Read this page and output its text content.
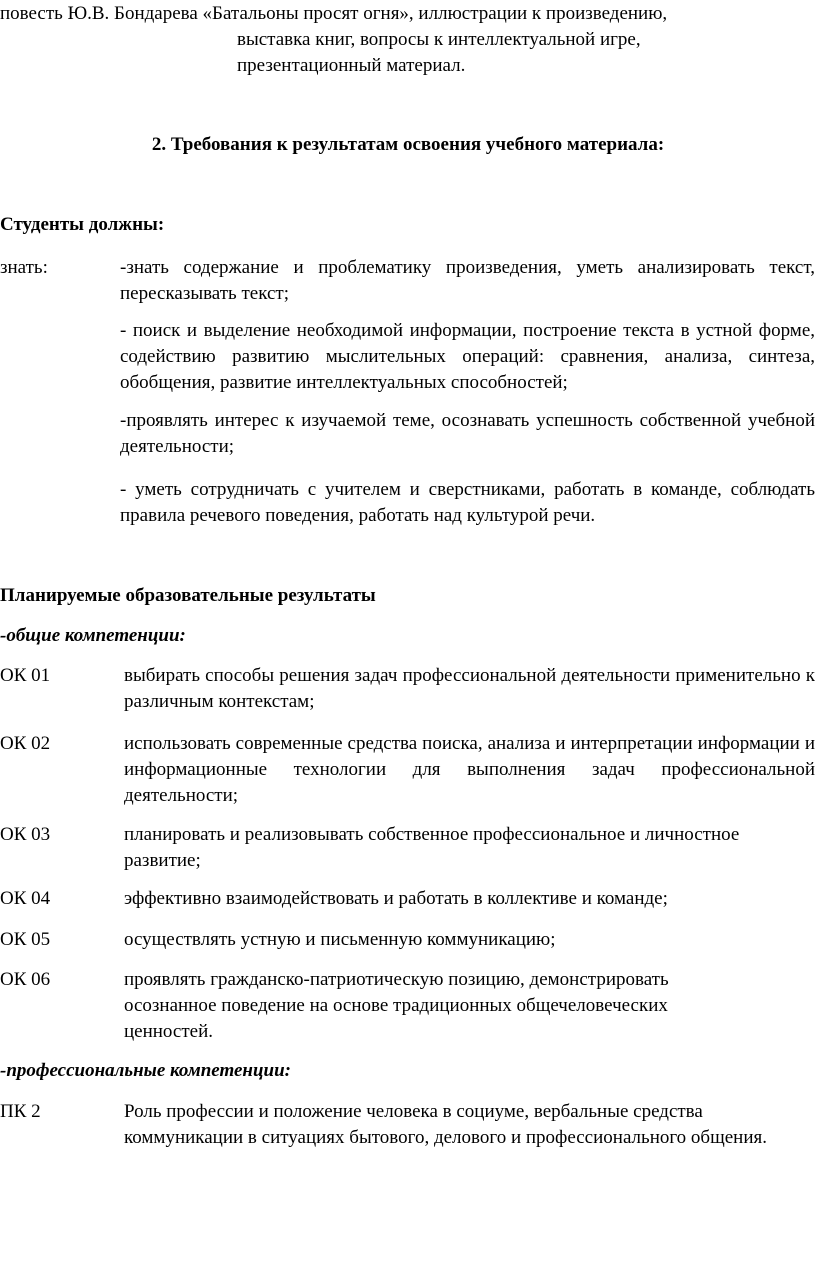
повесть Ю.В. Бондарева «Батальоны просят огня», иллюстрации к произведению,
выставка книг, вопросы к интеллектуальной игре,
презентационный материал.
2. Требования к результатам освоения учебного материала:
Студенты должны:
знать:	-знать содержание и проблематику произведения, уметь анализировать текст, пересказывать текст;
- поиск и выделение необходимой информации, построение текста в устной форме, содействию развитию мыслительных операций: сравнения, анализа, синтеза, обобщения, развитие интеллектуальных способностей;
-проявлять интерес к изучаемой теме, осознавать успешность собственной учебной деятельности;
- уметь сотрудничать с учителем и сверстниками, работать в команде, соблюдать правила речевого поведения, работать над культурой речи.
Планируемые образовательные результаты
-общие компетенции:
ОК 01	выбирать способы решения задач профессиональной деятельности применительно к различным контекстам;
ОК 02	использовать современные средства поиска, анализа и интерпретации информации и информационные технологии для выполнения задач профессиональной деятельности;
ОК 03	планировать и реализовывать собственное профессиональное и личностное развитие;
ОК 04	эффективно взаимодействовать и работать в коллективе и команде;
ОК 05	осуществлять устную и письменную коммуникацию;
ОК 06	проявлять гражданско-патриотическую позицию, демонстрировать осознанное поведение на основе традиционных общечеловеческих ценностей.
-профессиональные компетенции:
ПК 2	Роль профессии и положение человека в социуме, вербальные средства коммуникации в ситуациях бытового, делового и профессионального общения.
